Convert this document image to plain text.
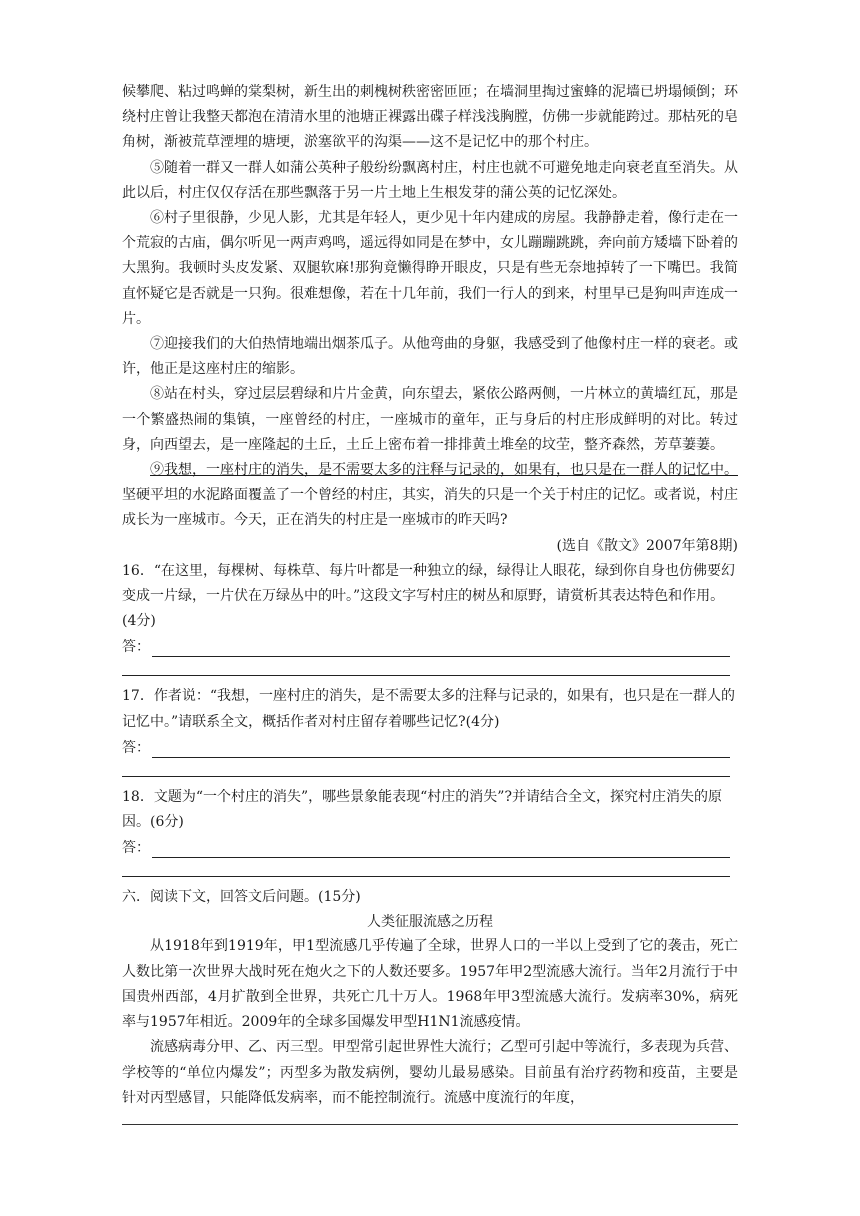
候攀爬、粘过鸣蝉的棠梨树，新生出的刺槐树秩密密匝匝；在墙洞里掏过蜜蜂的泥墙已坍塌倾倒；环绕村庄曾让我整天都泡在清清水里的池塘正裸露出碟子样浅浅胸膛，仿佛一步就能跨过。那枯死的皂角树，渐被荒草湮埋的塘埂，淤塞欲平的沟渠——这不是记忆中的那个村庄。

⑤随着一群又一群人如蒲公英种子般纷纷飘离村庄，村庄也就不可避免地走向衰老直至消失。从此以后，村庄仅仅存活在那些飘落于另一片土地上生根发芽的蒲公英的记忆深处。

⑥村子里很静，少见人影，尤其是年轻人，更少见十年内建成的房屋。我静静走着，像行走在一个荒寂的古庙，偶尔听见一两声鸡鸣，遥远得如同是在梦中，女儿蹦蹦跳跳，奔向前方矮墙下卧着的大黑狗。我顿时头皮发紧、双腿软麻!那狗竟懒得睁开眼皮，只是有些无奈地掉转了一下嘴巴。我简直怀疑它是否就是一只狗。很难想像，若在十几年前，我们一行人的到来，村里早已是狗叫声连成一片。

⑦迎接我们的大伯热情地端出烟茶瓜子。从他弯曲的身躯，我感受到了他像村庄一样的衰老。或许，他正是这座村庄的缩影。

⑧站在村头，穿过层层碧绿和片片金黄，向东望去，紧依公路两侧，一片林立的黄墙红瓦，那是一个繁盛热闹的集镇，一座曾经的村庄，一座城市的童年，正与身后的村庄形成鲜明的对比。转过身，向西望去，是一座隆起的土丘，土丘上密布着一排排黄土堆垒的坟茔，整齐森然，芳草萋萋。

⑨我想，一座村庄的消失，是不需要太多的注释与记录的，如果有，也只是在一群人的记忆中。坚硬平坦的水泥路面覆盖了一个曾经的村庄，其实，消失的只是一个关于村庄的记忆。或者说，村庄成长为一座城市。今天，正在消失的村庄是一座城市的昨天吗?

(选自《散文》2007年第8期)

16．“在这里，每棵树、每株草、每片叶都是一种独立的绿，绿得让人眼花，绿到你自身也仿佛要幻变成一片绿，一片伏在万绿丛中的叶。”这段文字写村庄的树丛和原野，请赏析其表达特色和作用。(4分)

答：

17．作者说：“我想，一座村庄的消失，是不需要太多的注释与记录的，如果有，也只是在一群人的记忆中。”请联系全文，概括作者对村庄留存着哪些记忆?(4分)

答：

18．文题为“一个村庄的消失”，哪些景象能表现“村庄的消失”?并请结合全文，探究村庄消失的原因。(6分)

答：

六．阅读下文，回答文后问题。(15分)

人类征服流感之历程

从1918年到1919年，甲1型流感几乎传遍了全球，世界人口的一半以上受到了它的袭击，死亡人数比第一次世界大战时死在炮火之下的人数还要多。1957年甲2型流感大流行。当年2月流行于中国贵州西部，4月扩散到全世界，共死亡几十万人。1968年甲3型流感大流行。发病率30%，病死率与1957年相近。2009年的全球多国爆发甲型H1N1流感疫情。

流感病毒分甲、乙、丙三型。甲型常引起世界性大流行；乙型可引起中等流行，多表现为兵营、学校等的“单位内爆发”；丙型多为散发病例，婴幼儿最易感染。目前虽有治疗药物和疫苗，主要是针对丙型感冒，只能降低发病率，而不能控制流行。流感中度流行的年度，
